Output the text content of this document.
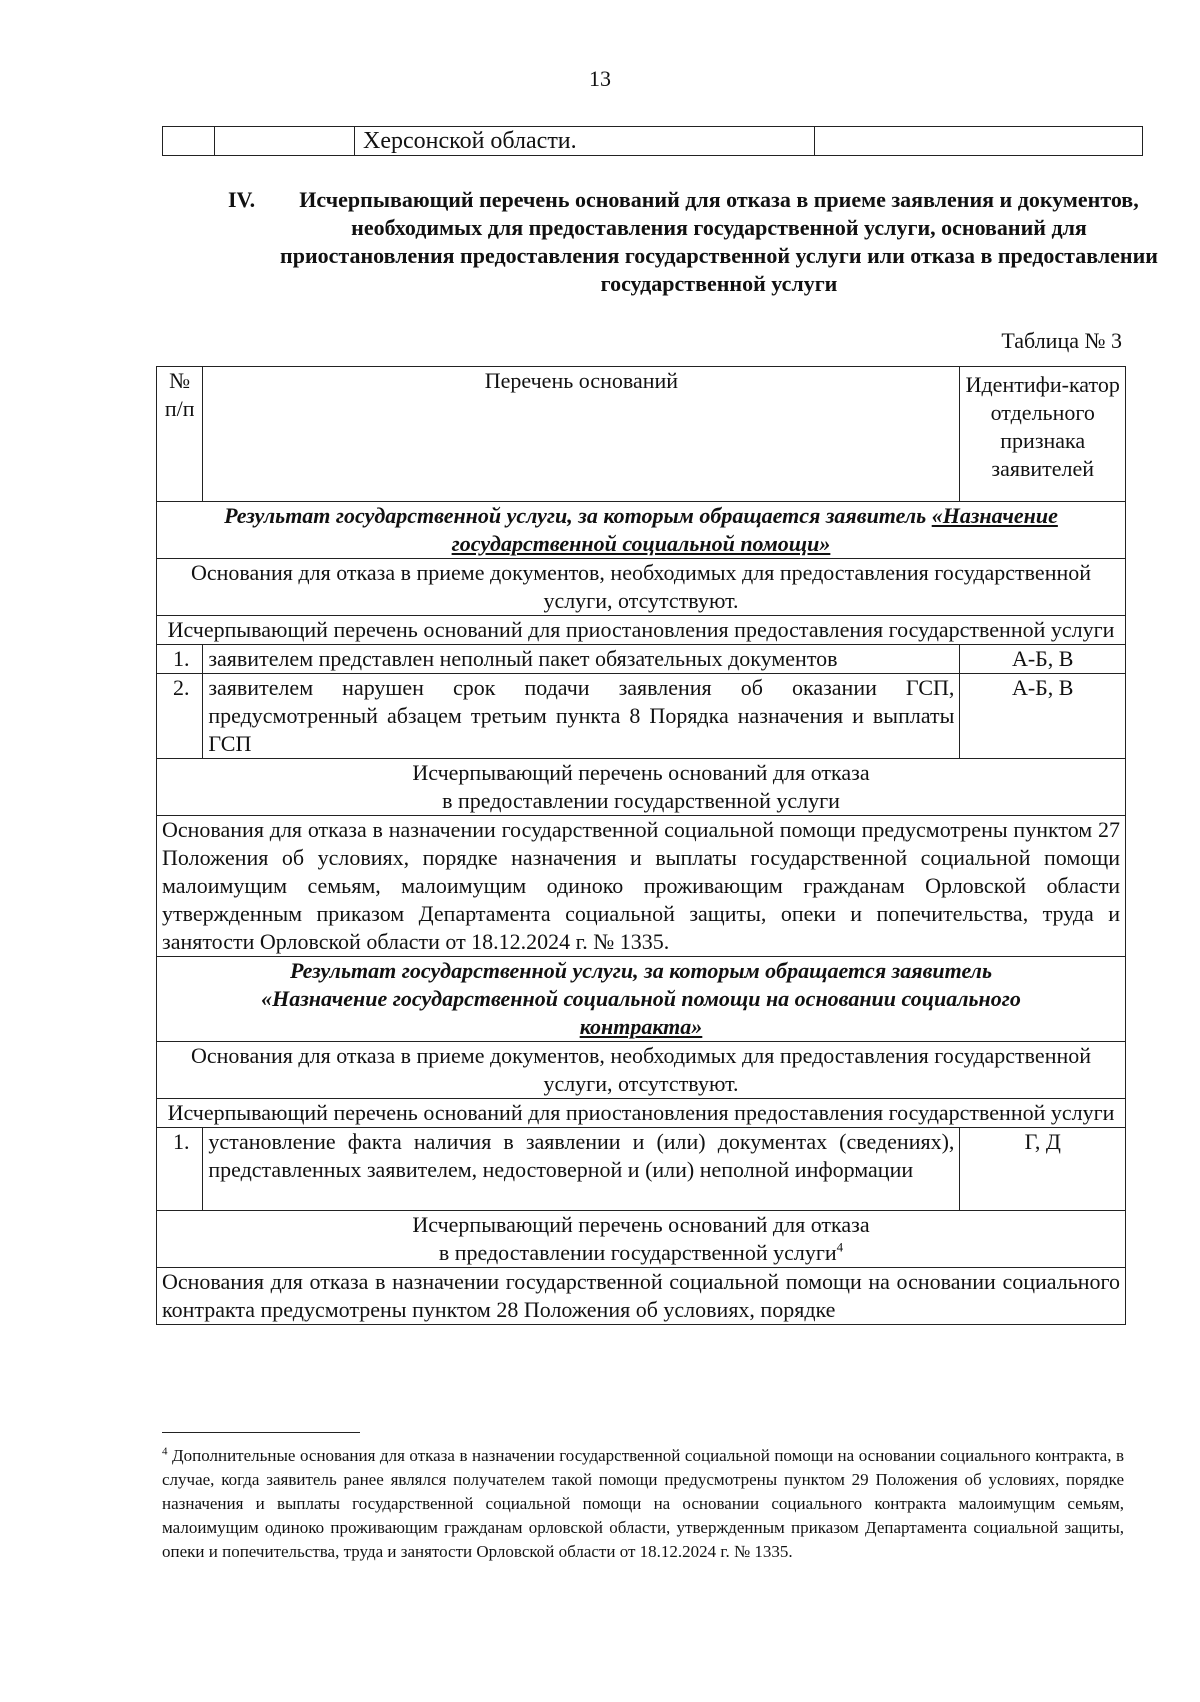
13
		Херсонской области.	
IV.	Исчерпывающий перечень оснований для отказа в приеме заявления и документов, необходимых для предоставления государственной услуги, оснований для приостановления предоставления государственной услуги или отказа в предоставлении государственной услуги
Таблица № 3
№ п/п	Перечень оснований	Идентифи-катор отдельного признака заявителей
Результат государственной услуги, за которым обращается заявитель «Назначение государственной социальной помощи»		
Основания для отказа в приеме документов, необходимых для предоставления государственной услуги, отсутствуют.		
Исчерпывающий перечень оснований для приостановления предоставления государственной услуги		
1.	заявителем представлен неполный пакет обязательных документов	А-Б, В
2.	заявителем нарушен срок подачи заявления об оказании ГСП, предусмотренный абзацем третьим пункта 8 Порядка назначения и выплаты ГСП	А-Б, В

Исчерпывающий перечень оснований для отказа
в предоставлении государственной услуги		

Основания для отказа в назначении государственной социальной помощи предусмотрены пунктом 27 Положения об условиях, порядке назначения и выплаты государственной социальной помощи малоимущим семьям, малоимущим одиноко проживающим гражданам Орловской области утвержденным приказом Департамента социальной защиты, опеки и попечительства, труда и занятости Орловской области от 18.12.2024 г. № 1335.		

Результат государственной услуги, за которым обращается заявитель
«Назначение государственной социальной помощи на основании социального
контракта»		

Основания для отказа в приеме документов, необходимых для предоставления государственной услуги, отсутствуют.		
Исчерпывающий перечень оснований для приостановления предоставления государственной услуги		
1.	установление факта наличия в заявлении и (или) документах (сведениях), представленных заявителем, недостоверной и (или) неполной информации	Г, Д

Исчерпывающий перечень оснований для отказа
в предоставлении государственной услуги$^4$

Основания для отказа в назначении государственной социальной помощи на основании социального контракта предусмотрены пунктом 28 Положения об условиях, порядке		
$^4$ Дополнительные основания для отказа в назначении государственной социальной помощи на основании социального контракта, в случае, когда заявитель ранее являлся получателем такой помощи предусмотрены пунктом 29 Положения об условиях, порядке назначения и выплаты государственной социальной помощи на основании социального контракта малоимущим семьям, малоимущим одиноко проживающим гражданам орловской области, утвержденным приказом Департамента социальной защиты, опеки и попечительства, труда и занятости Орловской области от 18.12.2024 г. № 1335.
